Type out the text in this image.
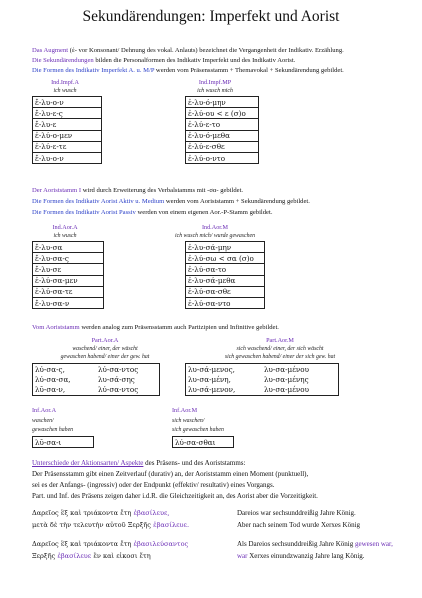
Sekundärendungen: Imperfekt und Aorist
Das Augment (ἐ- vor Konsonant/ Dehnung des vokal. Anlauts) bezeichnet die Vergangenheit der Indikativ. Erzählung.
Die Sekundärendungen bilden die Personalformen des Indikativ Imperfekt und des Indikativ Aorist.
Die Formen des Indikativ Imperfekt A. u. M/P werden vom Präsensstamm + Themavokal + Sekundärendung gebildet.
Ind.Impf.A
ich wusch
ἔ-λυ-ο-ν
ἔ-λυ-ε-ς
ἔ-λυ-ε
ἐ-λύ-ο-μεν
ἐ-λύ-ε-τε
ἔ-λυ-ο-ν
Ind.Impf.MP
ich wusch mich
ἐ-λυ-ό-μην
ἐ-λύ-ου < ε (σ)ο
ἐ-λύ-ε-το
ἐ-λυ-ό-μεθα
ἐ-λύ-ε-σθε
ἐ-λύ-ο-ντο
Der Aoriststamm I wird durch Erweiterung des Verbalstamms mit -σα- gebildet.
Die Formen des Indikativ Aorist Aktiv u. Medium werden vom Aoriststamm + Sekundärendung gebildet.
Die Formen des Indikativ Aorist Passiv werden von einem eigenen Aor.-P-Stamm gebildet.
Ind.Aor.A
ich wusch
ἔ-λυ-σα
ἔ-λυ-σα-ς
ἔ-λυ-σε
ἐ-λύ-σα-μεν
ἐ-λύ-σα-τε
ἔ-λυ-σα-ν
Ind.Aor.M
ich wusch mich/ wurde gewaschen
ἐ-λυ-σά-μην
ἐ-λύ-σω < σα (σ)ο
ἐ-λύ-σα-το
ἐ-λυ-σά-μεθα
ἐ-λύ-σα-σθε
ἐ-λύ-σα-ντο
Vom Aoriststamm werden analog zum Präsensstamm auch Partizipien und Infinitive gebildet.
Part.Aor.A
waschend/ einer, der wäscht
gewaschen habend/ einer der gew. hat
λύ-σα-ς,	λύ-σα-ντος
λύ-σα-σα,	λυ-σά-σης
λῦ-σα-ν,	λύ-σα-ντος
Part.Aor.M
sich waschend/ einer, der sich wäscht
sich gewaschen habend/ einer der sich gew. hat
λυ-σά-μενος,	λυ-σα-μένου
λυ-σα-μένη,	λυ-σα-μένης
λυ-σά-μενον,	λυ-σα-μένου
Inf.Aor.A
waschen/
gewaschen haben
λῦ-σα-ι
Inf.Aor.M
sich waschen/
sich gewaschen haben
λύ-σα-σθαι
Unterschiede der Aktionsarten/ Aspekte des Präsens- und des Aoriststamms:
Der Präsensstamm gibt einen Zeitverlauf (durativ) an, der Aoriststamm einen Moment (punktuell),
sei es der Anfangs- (ingressiv) oder der Endpunkt (effektiv/ resultativ) eines Vorgangs.
Part. und Inf. des Präsens zeigen daher i.d.R. die Gleichzeitigkeit an, des Aorist aber die Vorzeitigkeit.
Δαρεῖος ἓξ καὶ τριάκοντα ἔτη ἐβασίλευε,
μετὰ δὲ τὴν τελευτὴν αὐτοῦ Ξερξῆς ἐβασίλευε.
Dareios war sechsunddreißig Jahre König.
Aber nach seinem Tod wurde Xerxes König
Δαρεῖος ἓξ καὶ τριάκοντα ἔτη ἐβασιλεύσαντος
Ξερξῆς ἐβασίλευε ἓν καὶ εἰκοσι ἔτη
Als Dareios sechsunddreißig Jahre König gewesen war,
war Xerxes einundzwanzig Jahre lang König.
